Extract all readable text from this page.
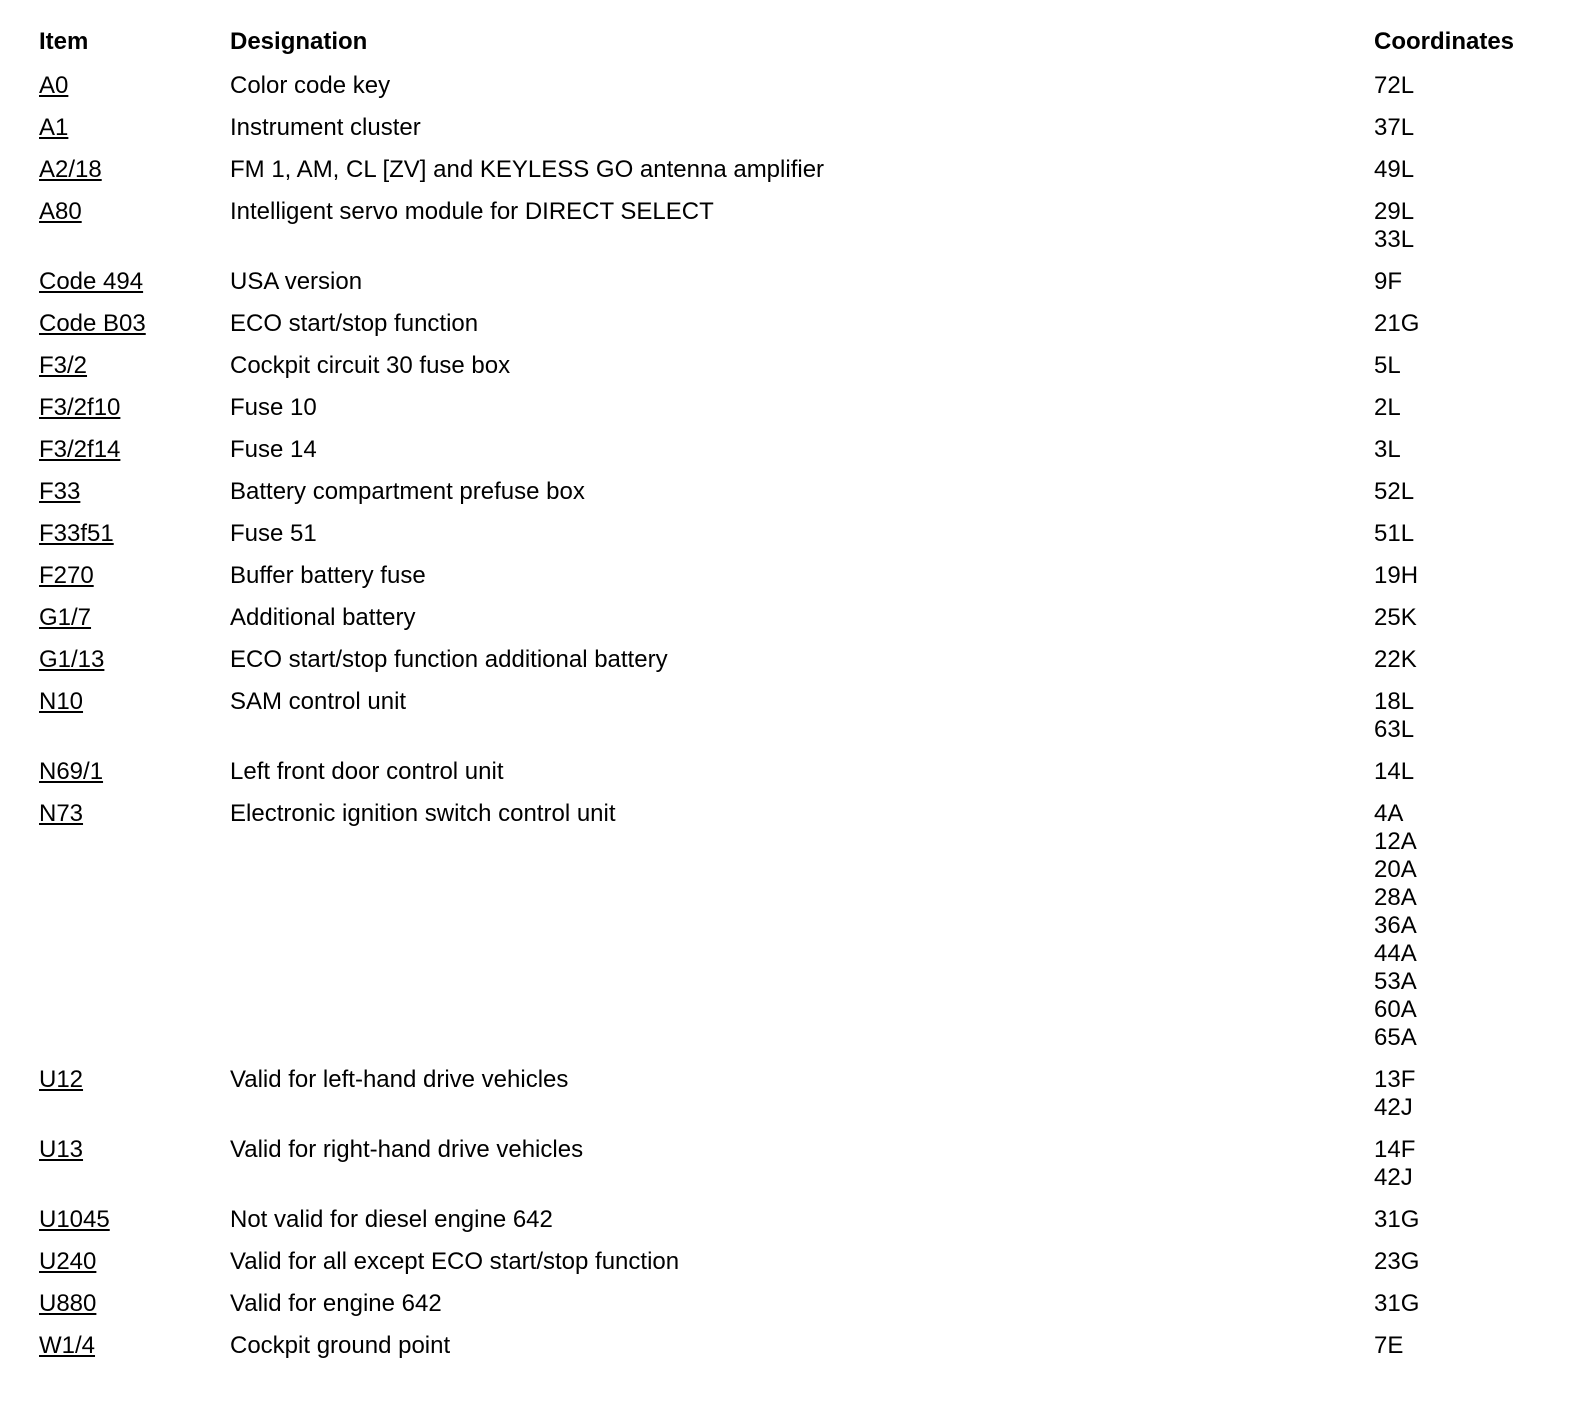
Item	Designation	Coordinates
A0	Color code key	72L
A1	Instrument cluster	37L
A2/18	FM 1, AM, CL [ZV] and KEYLESS GO antenna amplifier	49L
A80	Intelligent servo module for DIRECT SELECT	29L
33L
Code 494	USA version	9F
Code B03	ECO start/stop function	21G
F3/2	Cockpit circuit 30 fuse box	5L
F3/2f10	Fuse 10	2L
F3/2f14	Fuse 14	3L
F33	Battery compartment prefuse box	52L
F33f51	Fuse 51	51L
F270	Buffer battery fuse	19H
G1/7	Additional battery	25K
G1/13	ECO start/stop function additional battery	22K
N10	SAM control unit	18L
63L
N69/1	Left front door control unit	14L
N73	Electronic ignition switch control unit	4A
12A
20A
28A
36A
44A
53A
60A
65A
U12	Valid for left-hand drive vehicles	13F
42J
U13	Valid for right-hand drive vehicles	14F
42J
U1045	Not valid for diesel engine 642	31G
U240	Valid for all except ECO start/stop function	23G
U880	Valid for engine 642	31G
W1/4	Cockpit ground point	7E
